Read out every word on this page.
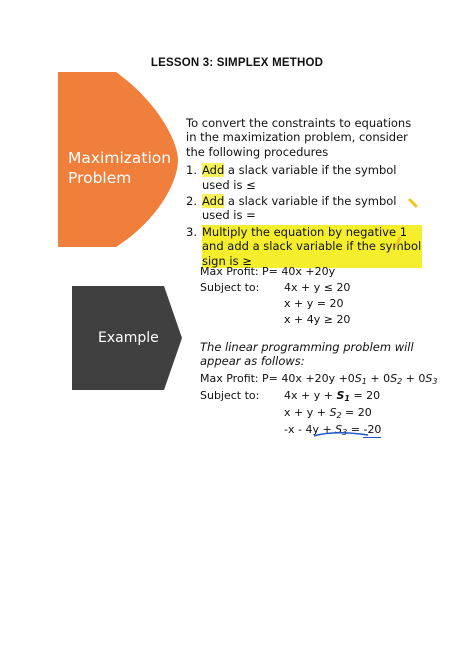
LESSON 3: SIMPLEX METHOD
Maximization
Problem
To convert the constraints to equations in the maximization problem, consider the following procedures
1. Add a slack variable if the symbol used is ≤
2. Add a slack variable if the symbol used is =
3. Multiply the equation by negative 1 and add a slack variable if the symbol sign is ≥
Example
Max Profit: P= 40x +20y
Subject to: 4x + y ≤ 20
x + y = 20
x + 4y ≥ 20
The linear programming problem will appear as follows:
Max Profit: $P= 40x +20y +0S_1 + 0S_2 + 0S_3$
Subject to: $4x + y + S_1 = 20$
$x + y + S_2 = 20$
$-x - 4y + S_3 = -20$
